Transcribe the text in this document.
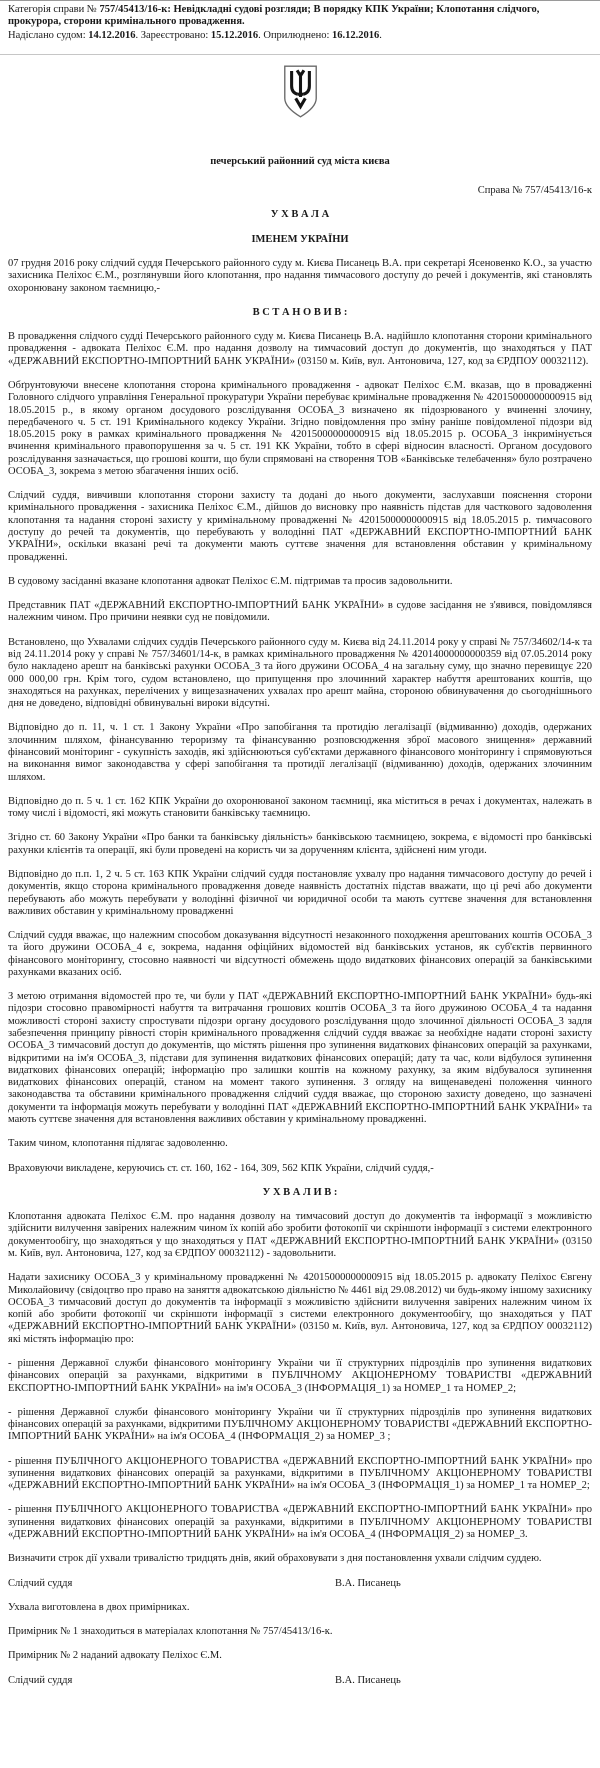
Категорія справи № 757/45413/16-к: Невідкладні судові розгляди; В порядку КПК України; Клопотання слідчого, прокурора, сторони кримінального провадження.

Надіслано судом: 14.12.2016. Зареєстровано: 15.12.2016. Оприлюднено: 16.12.2016.

печерський районний суд міста києва
Справа № 757/45413/16-к
У Х В А Л А
ІМЕНЕМ УКРАЇНИ

07 грудня 2016 року слідчий суддя Печерського районного суду м. Києва Писанець В.А. при секретарі Ясеновенко К.О., за участю захисника Пеліхос Є.М., розглянувши його клопотання, про надання тимчасового доступу до речей і документів, які становлять охоронювану законом таємницю,-

В С Т А Н О В И В :

В провадження слідчого судді Печерського районного суду м. Києва Писанець В.А. надійшло клопотання сторони кримінального провадження - адвоката Пеліхос Є.М. про надання дозволу на тимчасовий доступ до документів, що знаходяться у ПАТ «ДЕРЖАВНИЙ ЕКСПОРТНО-ІМПОРТНИЙ БАНК УКРАЇНИ» (03150 м. Київ, вул. Антоновича, 127, код за ЄРДПОУ 00032112).

Обґрунтовуючи внесене клопотання сторона кримінального провадження - адвокат Пеліхос Є.М. вказав, що в провадженні Головного слідчого управління Генеральної прокуратури України перебуває кримінальне провадження № 42015000000000915 від 18.05.2015 р., в якому органом досудового розслідування ОСОБА_3 визначено як підозрюваного у вчиненні злочину, передбаченого ч. 5 ст. 191 Кримінального кодексу України. Згідно повідомлення про зміну раніше повідомленої підозри від 18.05.2015 року в рамках кримінального провадження № 42015000000000915 від 18.05.2015 р. ОСОБА_3 інкримінується вчинення кримінального правопорушення за ч. 5 ст. 191 КК України, тобто в сфері відносин власності. Органом досудового розслідування зазначається, що грошові кошти, що були спрямовані на створення ТОВ «Банківське телебачення» було розтрачено ОСОБА_3, зокрема з метою збагачення інших осіб.

Слідчий суддя, вивчивши клопотання сторони захисту та додані до нього документи, заслухавши пояснення сторони кримінального провадження - захисника Пеліхос Є.М., дійшов до висновку про наявність підстав для часткового задоволення клопотання та надання стороні захисту у кримінальному провадженні № 42015000000000915 від 18.05.2015 р. тимчасового доступу до речей та документів, що перебувають у володінні ПАТ «ДЕРЖАВНИЙ ЕКСПОРТНО-ІМПОРТНИЙ БАНК УКРАЇНИ», оскільки вказані речі та документи мають суттєве значення для встановлення обставин у кримінальному провадженні.

В судовому засіданні вказане клопотання адвокат Пеліхос Є.М. підтримав та просив задовольнити.

Представник ПАТ «ДЕРЖАВНИЙ ЕКСПОРТНО-ІМПОРТНИЙ БАНК УКРАЇНИ» в судове засідання не з'явився, повідомлявся належним чином. Про причини неявки суд не повідомили.

Встановлено, що Ухвалами слідчих суддів Печерського районного суду м. Києва від 24.11.2014 року у справі № 757/34602/14-к та від 24.11.2014 року у справі № 757/34601/14-к, в рамках кримінального провадження № 42014000000000359 від 07.05.2014 року було накладено арешт на банківські рахунки ОСОБА_3 та його дружини ОСОБА_4 на загальну суму, що значно перевищує 220 000 000,00 грн. Крім того, судом встановлено, що припущення про злочинний характер набуття арештованих коштів, що знаходяться на рахунках, перелічених у вищезазначених ухвалах про арешт майна, стороною обвинувачення до сьогоднішнього дня не доведено, відповідні обвинувальні вироки відсутні.

Відповідно до п. 11, ч. 1 ст. 1 Закону України «Про запобігання та протидію легалізації (відмиванню) доходів, одержаних злочинним шляхом, фінансуванню тероризму та фінансуванню розповсюдження зброї масового знищення» державний фінансовий моніторинг - сукупність заходів, які здійснюються суб'єктами державного фінансового моніторингу і спрямовуються на виконання вимог законодавства у сфері запобігання та протидії легалізації (відмиванню) доходів, одержаних злочинним шляхом.

Відповідно до п. 5 ч. 1 ст. 162 КПК України до охоронюваної законом таємниці, яка міститься в речах і документах, належать в тому числі і відомості, які можуть становити банківську таємницю.

Згідно ст. 60 Закону України «Про банки та банківську діяльність» банківською таємницею, зокрема, є відомості про банківські рахунки клієнтів та операції, які були проведені на користь чи за дорученням клієнта, здійснені ним угоди.

Відповідно до п.п. 1, 2 ч. 5 ст. 163 КПК України слідчий суддя постановляє ухвалу про надання тимчасового доступу до речей і документів, якщо сторона кримінального провадження доведе наявність достатніх підстав вважати, що ці речі або документи перебувають або можуть перебувати у володінні фізичної чи юридичної особи та мають суттєве значення для встановлення важливих обставин у кримінальному провадженні

Слідчий суддя вважає, що належним способом доказування відсутності незаконного походження арештованих коштів ОСОБА_3 та його дружини ОСОБА_4 є, зокрема, надання офіційних відомостей від банківських установ, як суб'єктів первинного фінансового моніторингу, стосовно наявності чи відсутності обмежень щодо видаткових фінансових операцій за банківськими рахунками вказаних осіб.

З метою отримання відомостей про те, чи були у ПАТ «ДЕРЖАВНИЙ ЕКСПОРТНО-ІМПОРТНИЙ БАНК УКРАЇНИ» будь-які підозри стосовно правомірності набуття та витрачання грошових коштів ОСОБА_3 та його дружиною ОСОБА_4 та надання можливості стороні захисту спростувати підозри органу досудового розслідування щодо злочинної діяльності ОСОБА_3 задля забезпечення принципу рівності сторін кримінального провадження слідчий суддя вважає за необхідне надати стороні захисту ОСОБА_3 тимчасовий доступ до документів, що містять рішення про зупинення видаткових фінансових операцій за рахунками, відкритими на ім'я ОСОБА_3, підстави для зупинення видаткових фінансових операцій; дату та час, коли відбулося зупинення видаткових фінансових операцій; інформацію про залишки коштів на кожному рахунку, за яким відбувалося зупинення видаткових фінансових операцій, станом на момент такого зупинення. З огляду на вищенаведені положення чинного законодавства та обставини кримінального провадження слідчий суддя вважає, що стороною захисту доведено, що зазначені документи та інформація можуть перебувати у володінні ПАТ «ДЕРЖАВНИЙ ЕКСПОРТНО-ІМПОРТНИЙ БАНК УКРАЇНИ» та мають суттєве значення для встановлення важливих обставин у кримінальному провадженні.

Таким чином, клопотання підлягає задоволенню.

Враховуючи викладене, керуючись ст. ст. 160, 162 - 164, 309, 562 КПК України, слідчий суддя,-

У Х В А Л И В :

Клопотання адвоката Пеліхос Є.М. про надання дозволу на тимчасовий доступ до документів та інформації з можливістю здійснити вилучення завірених належним чином їх копій або зробити фотокопії чи скріншоти інформації з системи електронного документообігу, що знаходяться у що знаходяться у ПАТ «ДЕРЖАВНИЙ ЕКСПОРТНО-ІМПОРТНИЙ БАНК УКРАЇНИ» (03150 м. Київ, вул. Антоновича, 127, код за ЄРДПОУ 00032112) - задовольнити.

Надати захиснику ОСОБА_3 у кримінальному провадженні № 42015000000000915 від 18.05.2015 р. адвокату Пеліхос Євгену Миколайовичу (свідоцтво про право на заняття адвокатською діяльністю № 4461 від 29.08.2012) чи будь-якому іншому захиснику ОСОБА_3 тимчасовий доступ до документів та інформації з можливістю здійснити вилучення завірених належним чином їх копій або зробити фотокопії чи скріншоти інформації з системи електронного документообігу, що знаходяться у ПАТ «ДЕРЖАВНИЙ ЕКСПОРТНО-ІМПОРТНИЙ БАНК УКРАЇНИ» (03150 м. Київ, вул. Антоновича, 127, код за ЄРДПОУ 00032112) які містять інформацію про:

- рішення Державної служби фінансового моніторингу України чи її структурних підрозділів про зупинення видаткових фінансових операцій за рахунками, відкритими в ПУБЛІЧНОМУ АКЦІОНЕРНОМУ ТОВАРИСТВІ «ДЕРЖАВНИЙ ЕКСПОРТНО-ІМПОРТНИЙ БАНК УКРАЇНИ» на ім'я ОСОБА_3 (ІНФОРМАЦІЯ_1) за НОМЕР_1 та НОМЕР_2;

- рішення Державної служби фінансового моніторингу України чи її структурних підрозділів про зупинення видаткових фінансових операцій за рахунками, відкритими ПУБЛІЧНОМУ АКЦІОНЕРНОМУ ТОВАРИСТВІ «ДЕРЖАВНИЙ ЕКСПОРТНО-ІМПОРТНИЙ БАНК УКРАЇНИ» на ім'я ОСОБА_4 (ІНФОРМАЦІЯ_2) за НОМЕР_3 ;

- рішення ПУБЛІЧНОГО АКЦІОНЕРНОГО ТОВАРИСТВА «ДЕРЖАВНИЙ ЕКСПОРТНО-ІМПОРТНИЙ БАНК УКРАЇНИ» про зупинення видаткових фінансових операцій за рахунками, відкритими в ПУБЛІЧНОМУ АКЦІОНЕРНОМУ ТОВАРИСТВІ «ДЕРЖАВНИЙ ЕКСПОРТНО-ІМПОРТНИЙ БАНК УКРАЇНИ» на ім'я ОСОБА_3 (ІНФОРМАЦІЯ_1) за НОМЕР_1 та НОМЕР_2;

- рішення ПУБЛІЧНОГО АКЦІОНЕРНОГО ТОВАРИСТВА «ДЕРЖАВНИЙ ЕКСПОРТНО-ІМПОРТНИЙ БАНК УКРАЇНИ» про зупинення видаткових фінансових операцій за рахунками, відкритими в ПУБЛІЧНОМУ АКЦІОНЕРНОМУ ТОВАРИСТВІ «ДЕРЖАВНИЙ ЕКСПОРТНО-ІМПОРТНИЙ БАНК УКРАЇНИ» на ім'я ОСОБА_4 (ІНФОРМАЦІЯ_2) за НОМЕР_3.

Визначити строк дії ухвали тривалістю тридцять днів, який обраховувати з дня постановлення ухвали слідчим суддею.

Слідчий суддя	В.А. Писанець

Ухвала виготовлена в двох примірниках.

Примірник № 1 знаходиться в матеріалах клопотання № 757/45413/16-к.

Примірник № 2 наданий адвокату Пеліхос Є.М.

Слідчий суддя	В.А. Писанець
